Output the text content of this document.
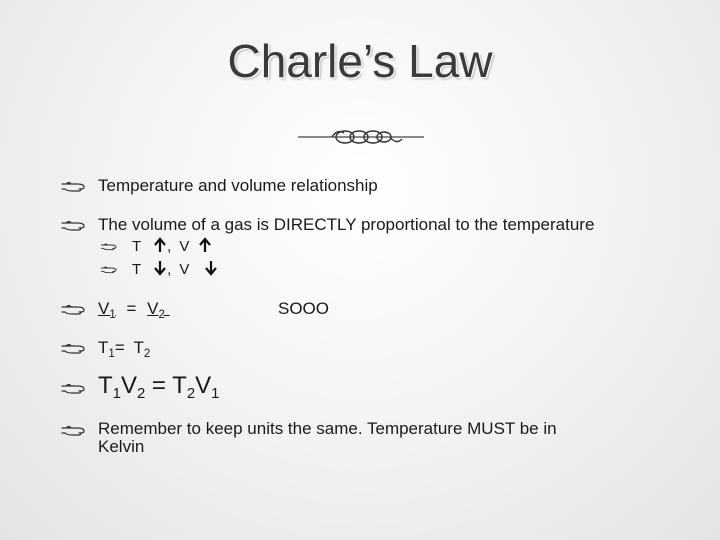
Charle’s Law
Temperature and volume relationship
The volume of a gas is DIRECTLY proportional to the temperature
T , V
T , V
$V_1 = V_2$	SOOO
$T_1= T_2$
$T_1V_2 = T_2V_1$
Remember to keep units the same. Temperature MUST be in
Kelvin
